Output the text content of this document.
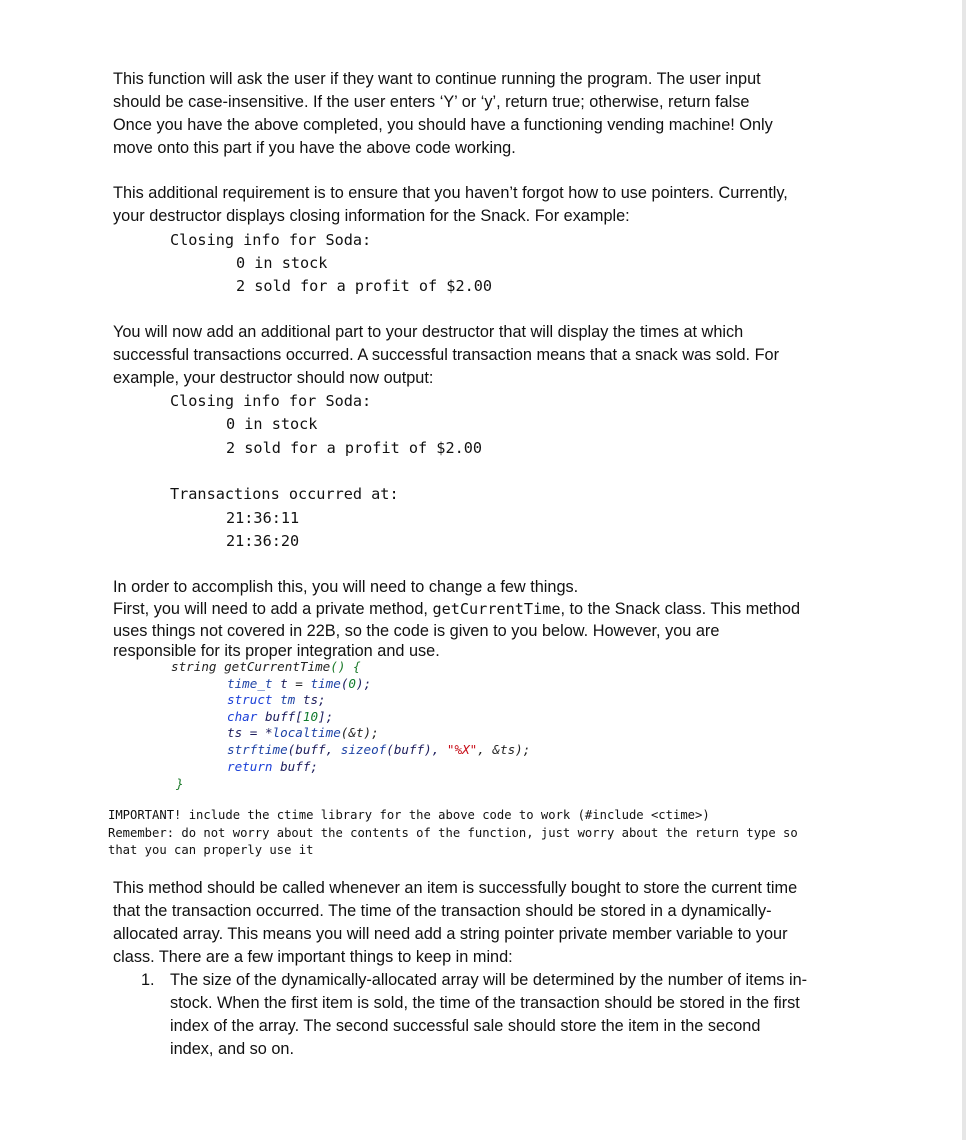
This function will ask the user if they want to continue running the program. The user input

should be case-insensitive. If the user enters ‘Y’ or ‘y’, return true; otherwise, return false

Once you have the above completed, you should have a functioning vending machine! Only

move onto this part if you have the above code working.

This additional requirement is to ensure that you haven’t forgot how to use pointers. Currently,

your destructor displays closing information for the Snack. For example:

Closing info for Soda:

0 in stock

2 sold for a profit of $2.00

You will now add an additional part to your destructor that will display the times at which

successful transactions occurred. A successful transaction means that a snack was sold. For

example, your destructor should now output:

Closing info for Soda:

0 in stock

2 sold for a profit of $2.00

Transactions occurred at:

21:36:11

21:36:20

In order to accomplish this, you will need to change a few things.

First, you will need to add a private method, getCurrentTime, to the Snack class. This method

uses things not covered in 22B, so the code is given to you below. However, you are

responsible for its proper integration and use.

string getCurrentTime() {

time_t t = time(0);

struct tm ts;

char buff[10];

ts = *localtime(&t);

strftime(buff, sizeof(buff), "%X", &ts);

return buff;

}

IMPORTANT! include the ctime library for the above code to work (#include <ctime>)

Remember: do not worry about the contents of the function, just worry about the return type so

that you can properly use it

This method should be called whenever an item is successfully bought to store the current time

that the transaction occurred. The time of the transaction should be stored in a dynamically-

allocated array. This means you will need add a string pointer private member variable to your

class. There are a few important things to keep in mind:

1. The size of the dynamically-allocated array will be determined by the number of items in-

stock. When the first item is sold, the time of the transaction should be stored in the first

index of the array. The second successful sale should store the item in the second

index, and so on.
